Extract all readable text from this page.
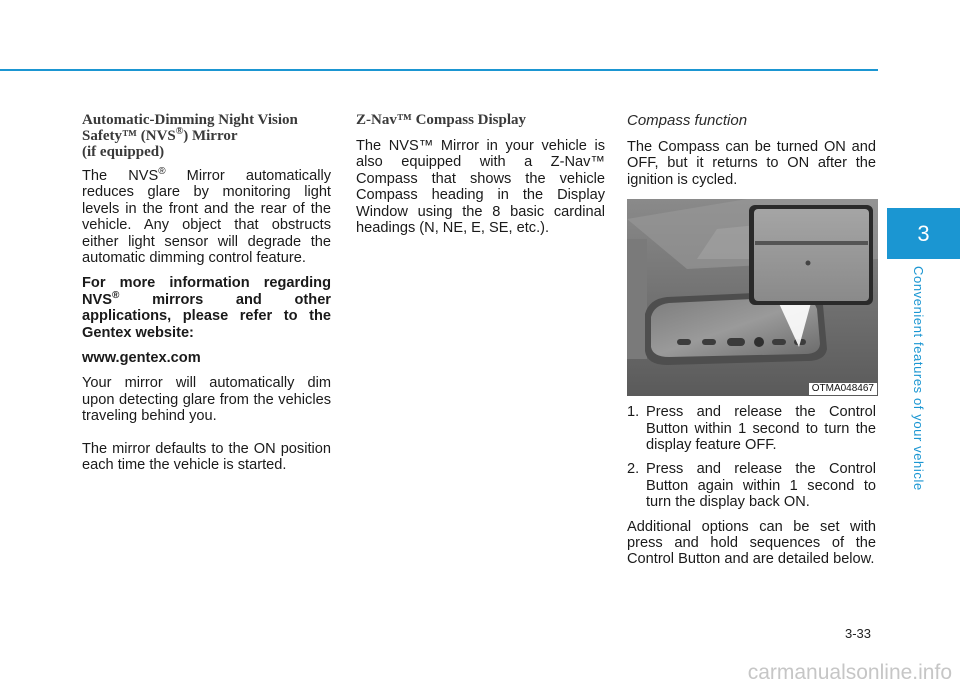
Automatic-Dimming Night Vision
Safety™ (NVS®) Mirror
(if equipped)

The NVS® Mirror automatically reduces glare by monitoring light levels in the front and the rear of the vehicle. Any object that obstructs either light sensor will degrade the automatic dimming control feature.

For more information regarding NVS® mirrors and other applications, please refer to the Gentex website:

www.gentex.com

Your mirror will automatically dim upon detecting glare from the vehicles traveling behind you.

The mirror defaults to the ON position each time the vehicle is started.

Z-Nav™ Compass Display

The NVS™ Mirror in your vehicle is also equipped with a Z-Nav™ Compass that shows the vehicle Compass heading in the Display Window using the 8 basic cardinal headings (N, NE, E, SE, etc.).

Compass function

The Compass can be turned ON and OFF, but it returns to ON after the ignition is cycled.

OTMA048467
1. Press and release the Control Button within 1 second to turn the display feature OFF.
2. Press and release the Control Button again within 1 second to turn the display back ON.

Additional options can be set with press and hold sequences of the Control Button and are detailed below.

3
Convenient features of your vehicle
3-33
carmanualsonline.info
